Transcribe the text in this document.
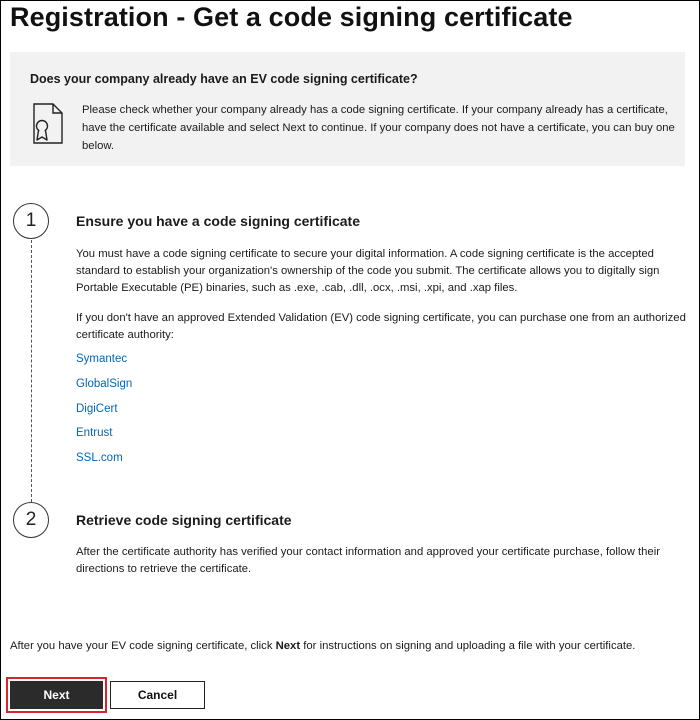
Registration - Get a code signing certificate
Does your company already have an EV code signing certificate?
Please check whether your company already has a code signing certificate. If your company already has a certificate, have the certificate available and select Next to continue. If your company does not have a certificate, you can buy one below.
1	Ensure you have a code signing certificate
You must have a code signing certificate to secure your digital information. A code signing certificate is the accepted standard to establish your organization's ownership of the code you submit. The certificate allows you to digitally sign Portable Executable (PE) binaries, such as .exe, .cab, .dll, .ocx, .msi, .xpi, and .xap files.
If you don't have an approved Extended Validation (EV) code signing certificate, you can purchase one from an authorized certificate authority:
Symantec
GlobalSign
DigiCert
Entrust
SSL.com
2	Retrieve code signing certificate
After the certificate authority has verified your contact information and approved your certificate purchase, follow their directions to retrieve the certificate.
After you have your EV code signing certificate, click Next for instructions on signing and uploading a file with your certificate.
Next	Cancel
